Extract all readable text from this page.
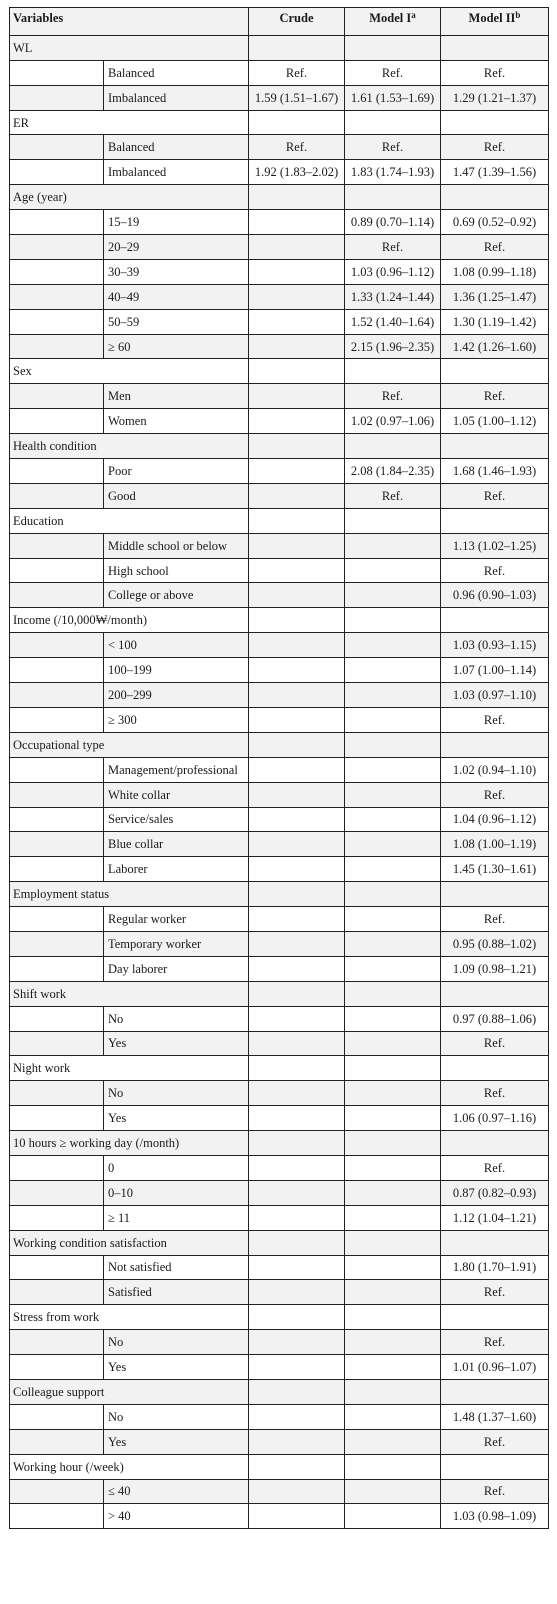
Variables		Crude	Model $I^a$	Model $II^b$
WL				
	Balanced	Ref.	Ref.	Ref.
	Imbalanced	1.59 (1.51–1.67)	1.61 (1.53–1.69)	1.29 (1.21–1.37)
ER				
	Balanced	Ref.	Ref.	Ref.
	Imbalanced	1.92 (1.83–2.02)	1.83 (1.74–1.93)	1.47 (1.39–1.56)
Age (year)				
	15–19		0.89 (0.70–1.14)	0.69 (0.52–0.92)
	20–29		Ref.	Ref.
	30–39		1.03 (0.96–1.12)	1.08 (0.99–1.18)
	40–49		1.33 (1.24–1.44)	1.36 (1.25–1.47)
	50–59		1.52 (1.40–1.64)	1.30 (1.19–1.42)
	≥ 60		2.15 (1.96–2.35)	1.42 (1.26–1.60)
Sex				
	Men		Ref.	Ref.
	Women		1.02 (0.97–1.06)	1.05 (1.00–1.12)
Health condition				
	Poor		2.08 (1.84–2.35)	1.68 (1.46–1.93)
	Good		Ref.	Ref.
Education				
	Middle school or below			1.13 (1.02–1.25)
	High school			Ref.
	College or above			0.96 (0.90–1.03)
Income (/10,000₩/month)				
	< 100			1.03 (0.93–1.15)
	100–199			1.07 (1.00–1.14)
	200–299			1.03 (0.97–1.10)
	≥ 300			Ref.
Occupational type				
	Management/professional			1.02 (0.94–1.10)
	White collar			Ref.
	Service/sales			1.04 (0.96–1.12)
	Blue collar			1.08 (1.00–1.19)
	Laborer			1.45 (1.30–1.61)
Employment status				
	Regular worker			Ref.
	Temporary worker			0.95 (0.88–1.02)
	Day laborer			1.09 (0.98–1.21)
Shift work				
	No			0.97 (0.88–1.06)
	Yes			Ref.
Night work				
	No			Ref.
	Yes			1.06 (0.97–1.16)
10 hours ≥ working day (/month)				
	0			Ref.
	0–10			0.87 (0.82–0.93)
	≥ 11			1.12 (1.04–1.21)
Working condition satisfaction				
	Not satisfied			1.80 (1.70–1.91)
	Satisfied			Ref.
Stress from work				
	No			Ref.
	Yes			1.01 (0.96–1.07)
Colleague support				
	No			1.48 (1.37–1.60)
	Yes			Ref.
Working hour (/week)				
	≤ 40			Ref.
	> 40			1.03 (0.98–1.09)
